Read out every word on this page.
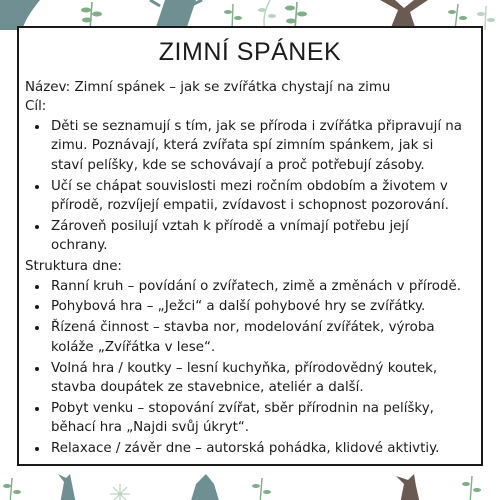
ZIMNÍ SPÁNEK

Název: Zimní spánek – jak se zvířátka chystají na zimu

Cíl:

• Děti se seznamují s tím, jak se příroda i zvířátka připravují na zimu. Poznávají, která zvířata spí zimním spánkem, jak si staví pelíšky, kde se schovávají a proč potřebují zásoby.
• Učí se chápat souvislosti mezi ročním obdobím a životem v přírodě, rozvíjejí empatii, zvídavost i schopnost pozorování.
• Zároveň posilují vztah k přírodě a vnímají potřebu její ochrany.

Struktura dne:

• Ranní kruh – povídání o zvířatech, zimě a změnách v přírodě.
• Pohybová hra – „Ježci“ a další pohybové hry se zvířátky.
• Řízená činnost – stavba nor, modelování zvířátek, výroba koláže „Zvířátka v lese“.
• Volná hra / koutky – lesní kuchyňka, přírodovědný koutek, stavba doupátek ze stavebnice, ateliér a další.
• Pobyt venku – stopování zvířat, sběr přírodnin na pelíšky, běhací hra „Najdi svůj úkryt“.
• Relaxace / závěr dne – autorská pohádka, klidové aktivtiy.
